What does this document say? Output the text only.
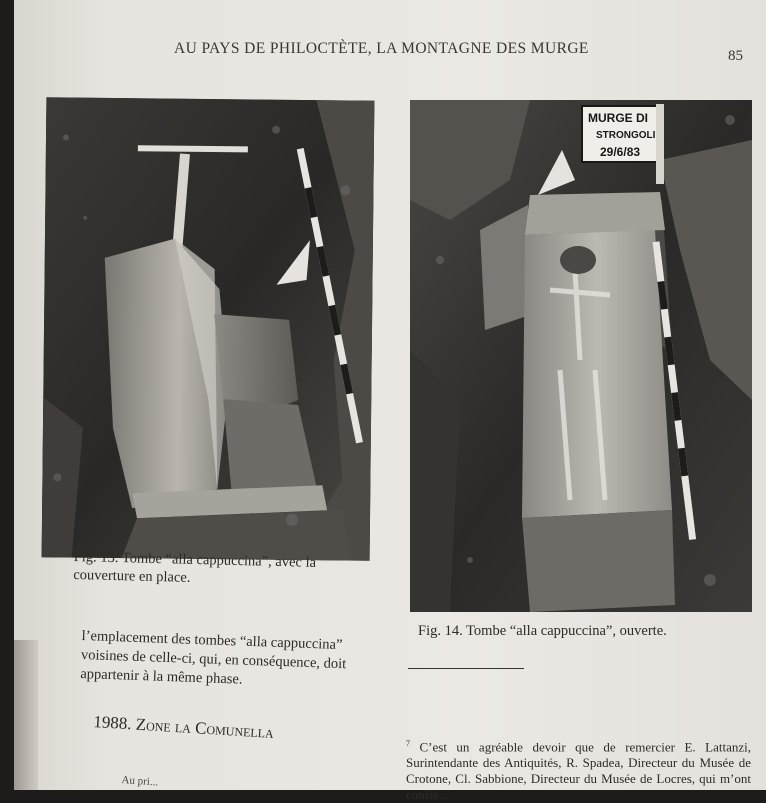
AU PAYS DE PHILOCTÈTE, LA MONTAGNE DES MURGE	85
Fig. 13. Tombe “alla cappuccina”, avec la couverture en place.
MURGE DI
STRONGOLI
29/6/83
Fig. 14. Tombe “alla cappuccina”, ouverte.
l’emplacement des tombes “alla cappuccina” voisines de celle-ci, qui, en conséquence, doit appartenir à la même phase.
1988. Zone la Comunella
Au pri...
$^7$ C’est un agréable devoir que de remercier E. Lattanzi, Surintendante des Antiquités, R. Spadea, Directeur du Musée de Crotone, Cl. Sabbione, Directeur du Musée de Locres, qui m’ont confié...
